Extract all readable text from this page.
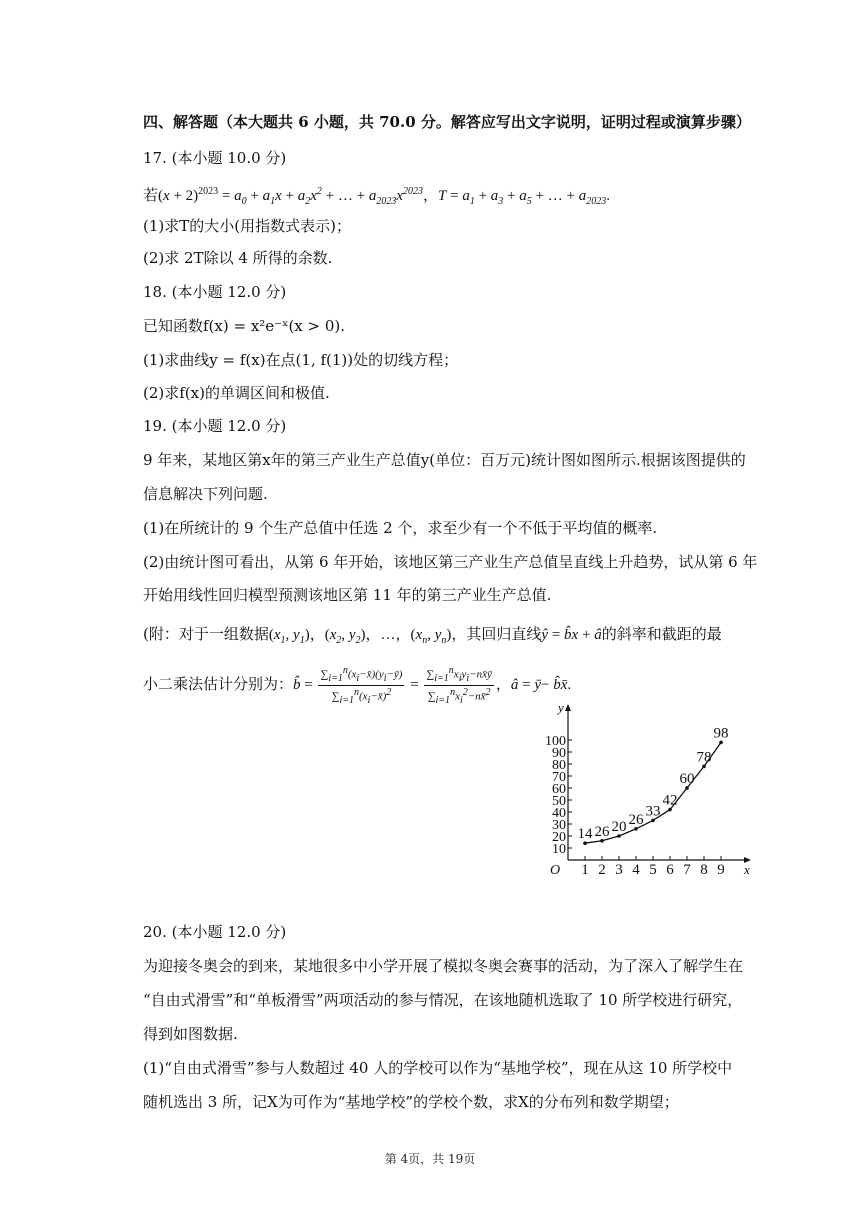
四、解答题（本大题共 6 小题，共 70.0 分。解答应写出文字说明，证明过程或演算步骤）
17. (本小题 10.0 分)
若$(x + 2)^{2023} = a_0 + a_1x + a_2x^2$ + … + $a_{2023}x^{2023}$，$T = a_1 + a_3 + a_5$ + … + $a_{2023}$.
(1)求T的大小(用指数式表示)；
(2)求 2T除以 4 所得的余数.
18. (本小题 12.0 分)
已知函数f(x) = x²e⁻ˣ(x > 0).
(1)求曲线y = f(x)在点(1, f(1))处的切线方程；
(2)求f(x)的单调区间和极值.
19. (本小题 12.0 分)
9 年来，某地区第x年的第三产业生产总值y(单位：百万元)统计图如图所示.根据该图提供的
信息解决下列问题.
(1)在所统计的 9 个生产总值中任选 2 个，求至少有一个不低于平均值的概率.
(2)由统计图可看出，从第 6 年开始，该地区第三产业生产总值呈直线上升趋势，试从第 6 年
开始用线性回归模型预测该地区第 11 年的第三产业生产总值.
(附：对于一组数据($x_1$, $y_1$)，($x_2$, $y_2$)，…，($x_n$, $y_n$)，其回归直线ŷ = b̂x + â的斜率和截距的最
小二乘法估计分别为：b̂ = $\frac{\sum_{i=1}^n(x_i-x̄)(y_i-ȳ)}{\sum_{i=1}^n(x_i-x̄)^2} = \frac{\sum_{i=1}^nx_iy_i-nx̄ȳ}{\sum_{i=1}^nx_i^2-nx̄^2}$ ，â = ȳ− b̂x̄.
1 2 3 4 5 6 7 8 9
10
20
30
40
50
60
70
80
90
100
14 26 20 26
33
42
60
78
98
O	x
y
20. (本小题 12.0 分)
为迎接冬奥会的到来，某地很多中小学开展了模拟冬奥会赛事的活动，为了深入了解学生在
“自由式滑雪”和“单板滑雪”两项活动的参与情况，在该地随机选取了 10 所学校进行研究，
得到如图数据.
(1)“自由式滑雪”参与人数超过 40 人的学校可以作为“基地学校”，现在从这 10 所学校中
随机选出 3 所，记X为可作为“基地学校”的学校个数，求X的分布列和数学期望；
第 4页，共 19页
